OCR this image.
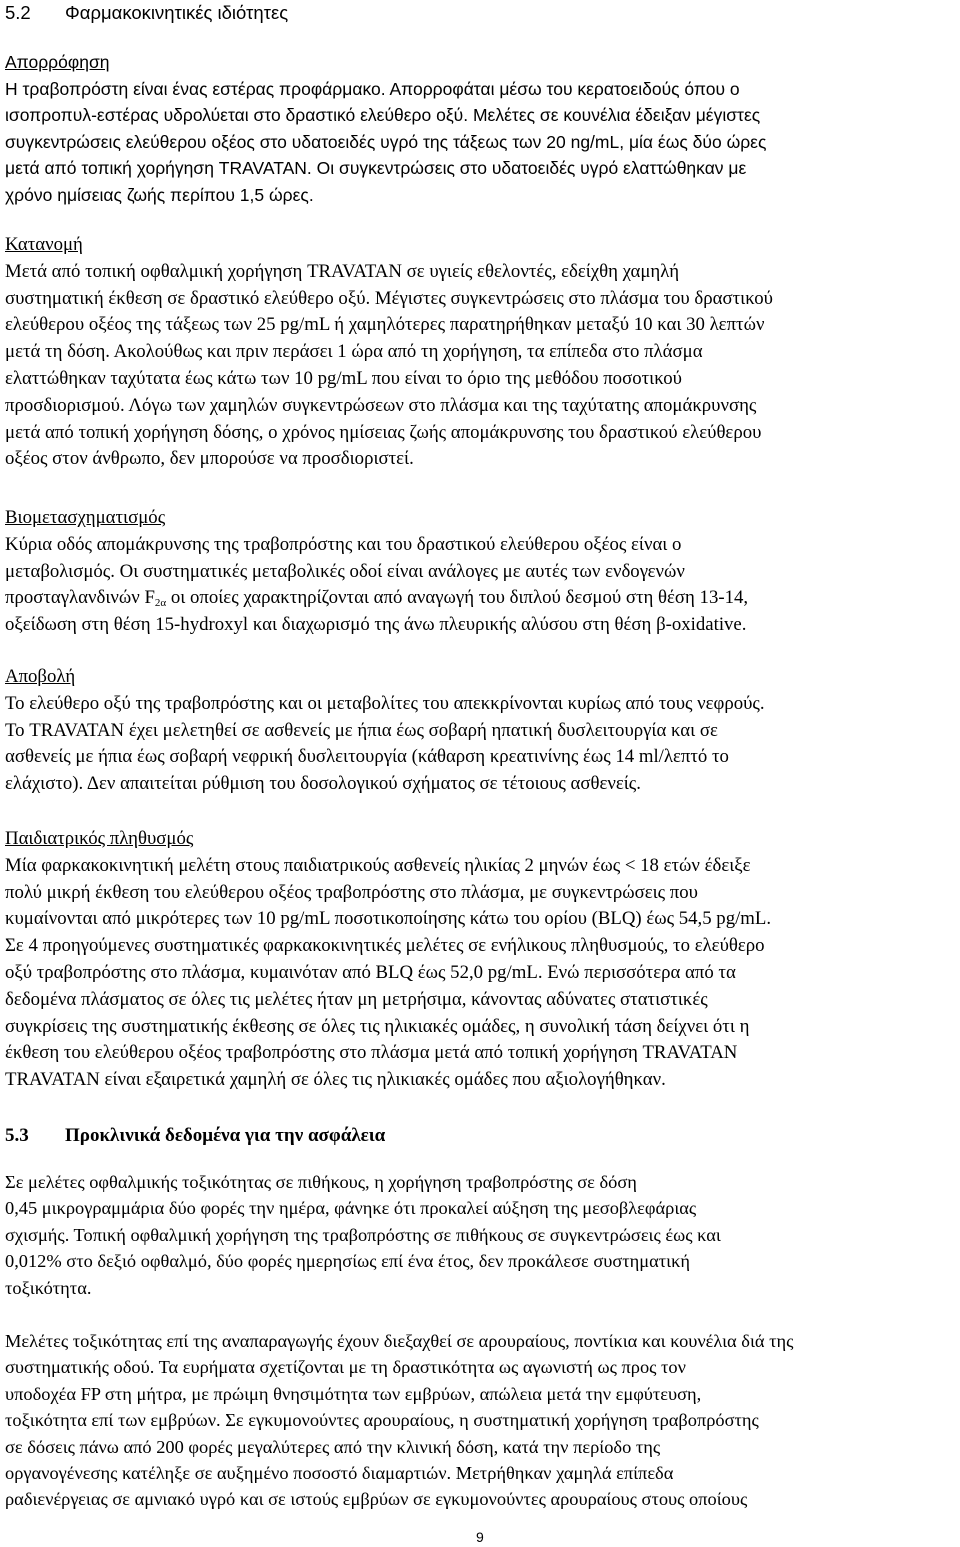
5.2 Φαρμακοκινητικές ιδιότητες
Απορρόφηση
Η τραβοπρόστη είναι ένας εστέρας προφάρμακο. Απορροφάται μέσω του κερατοειδούς όπου ο
ισοπροπυλ-εστέρας υδρολύεται στο δραστικό ελεύθερο οξύ. Μελέτες σε κουνέλια έδειξαν μέγιστες
συγκεντρώσεις ελεύθερου οξέος στο υδατοειδές υγρό της τάξεως των 20 ng/mL, μία έως δύο ώρες
μετά από τοπική χορήγηση TRAVATAN. Οι συγκεντρώσεις στο υδατοειδές υγρό ελαττώθηκαν με
χρόνο ημίσειας ζωής περίπου 1,5 ώρες.
Κατανομή
Μετά από τοπική οφθαλμική χορήγηση TRAVATAN σε υγιείς εθελοντές, εδείχθη χαμηλή
συστηματική έκθεση σε δραστικό ελεύθερο οξύ. Μέγιστες συγκεντρώσεις στο πλάσμα του δραστικού
ελεύθερου οξέος της τάξεως των 25 pg/mL ή χαμηλότερες παρατηρήθηκαν μεταξύ 10 και 30 λεπτών
μετά τη δόση. Ακολούθως και πριν περάσει 1 ώρα από τη χορήγηση, τα επίπεδα στο πλάσμα
ελαττώθηκαν ταχύτατα έως κάτω των 10 pg/mL που είναι το όριο της μεθόδου ποσοτικού
προσδιορισμού. Λόγω των χαμηλών συγκεντρώσεων στο πλάσμα και της ταχύτατης απομάκρυνσης
μετά από τοπική χορήγηση δόσης, ο χρόνος ημίσειας ζωής απομάκρυνσης του δραστικού ελεύθερου
οξέος στον άνθρωπο, δεν μπορούσε να προσδιοριστεί.
Βιομετασχηματισμός
Κύρια οδός απομάκρυνσης της τραβοπρόστης και του δραστικού ελεύθερου οξέος είναι ο
μεταβολισμός. Οι συστηματικές μεταβολικές οδοί είναι ανάλογες με αυτές των ενδογενών
προσταγλανδινών $F_{2\alpha}$ οι οποίες χαρακτηρίζονται από αναγωγή του διπλού δεσμού στη θέση 13-14,
οξείδωση στη θέση 15-hydroxyl και διαχωρισμό της άνω πλευρικής αλύσου στη θέση β-oxidative.
Αποβολή
Το ελεύθερο οξύ της τραβοπρόστης και οι μεταβολίτες του απεκκρίνονται κυρίως από τους νεφρούς.
Το TRAVATAN έχει μελετηθεί σε ασθενείς με ήπια έως σοβαρή ηπατική δυσλειτουργία και σε
ασθενείς με ήπια έως σοβαρή νεφρική δυσλειτουργία (κάθαρση κρεατινίνης έως 14 ml/λεπτό το
ελάχιστο). Δεν απαιτείται ρύθμιση του δοσολογικού σχήματος σε τέτοιους ασθενείς.
Παιδιατρικός πληθυσμός
Μία φαρκακοκινητική μελέτη στους παιδιατρικούς ασθενείς ηλικίας 2 μηνών έως < 18 ετών έδειξε
πολύ μικρή έκθεση του ελεύθερου οξέος τραβοπρόστης στο πλάσμα, με συγκεντρώσεις που
κυμαίνονται από μικρότερες των 10 pg/mL ποσοτικοποίησης κάτω του ορίου (BLQ) έως 54,5 pg/mL.
Σε 4 προηγούμενες συστηματικές φαρκακοκινητικές μελέτες σε ενήλικους πληθυσμούς, το ελεύθερο
οξύ τραβοπρόστης στο πλάσμα, κυμαινόταν από BLQ έως 52,0 pg/mL. Ενώ περισσότερα από τα
δεδομένα πλάσματος σε όλες τις μελέτες ήταν μη μετρήσιμα, κάνοντας αδύνατες στατιστικές
συγκρίσεις της συστηματικής έκθεσης σε όλες τις ηλικιακές ομάδες, η συνολική τάση δείχνει ότι η
έκθεση του ελεύθερου οξέος τραβοπρόστης στο πλάσμα μετά από τοπική χορήγηση TRAVATAN
TRAVATAN είναι εξαιρετικά χαμηλή σε όλες τις ηλικιακές ομάδες που αξιολογήθηκαν.
5.3 Προκλινικά δεδομένα για την ασφάλεια
Σε μελέτες οφθαλμικής τοξικότητας σε πιθήκους, η χορήγηση τραβοπρόστης σε δόση
0,45 μικρογραμμάρια δύο φορές την ημέρα, φάνηκε ότι προκαλεί αύξηση της μεσοβλεφάριας
σχισμής. Τοπική οφθαλμική χορήγηση της τραβοπρόστης σε πιθήκους σε συγκεντρώσεις έως και
0,012% στο δεξιό οφθαλμό, δύο φορές ημερησίως επί ένα έτος, δεν προκάλεσε συστηματική
τοξικότητα.
Μελέτες τοξικότητας επί της αναπαραγωγής έχουν διεξαχθεί σε αρουραίους, ποντίκια και κουνέλια διά της
συστηματικής οδού. Τα ευρήματα σχετίζονται με τη δραστικότητα ως αγωνιστή ως προς τον
υποδοχέα FP στη μήτρα, με πρώιμη θνησιμότητα των εμβρύων, απώλεια μετά την εμφύτευση,
τοξικότητα επί των εμβρύων. Σε εγκυμονούντες αρουραίους, η συστηματική χορήγηση τραβοπρόστης
σε δόσεις πάνω από 200 φορές μεγαλύτερες από την κλινική δόση, κατά την περίοδο της
οργανογένεσης κατέληξε σε αυξημένο ποσοστό διαμαρτιών. Μετρήθηκαν χαμηλά επίπεδα
ραδιενέργειας σε αμνιακό υγρό και σε ιστούς εμβρύων σε εγκυμονούντες αρουραίους στους οποίους
9
